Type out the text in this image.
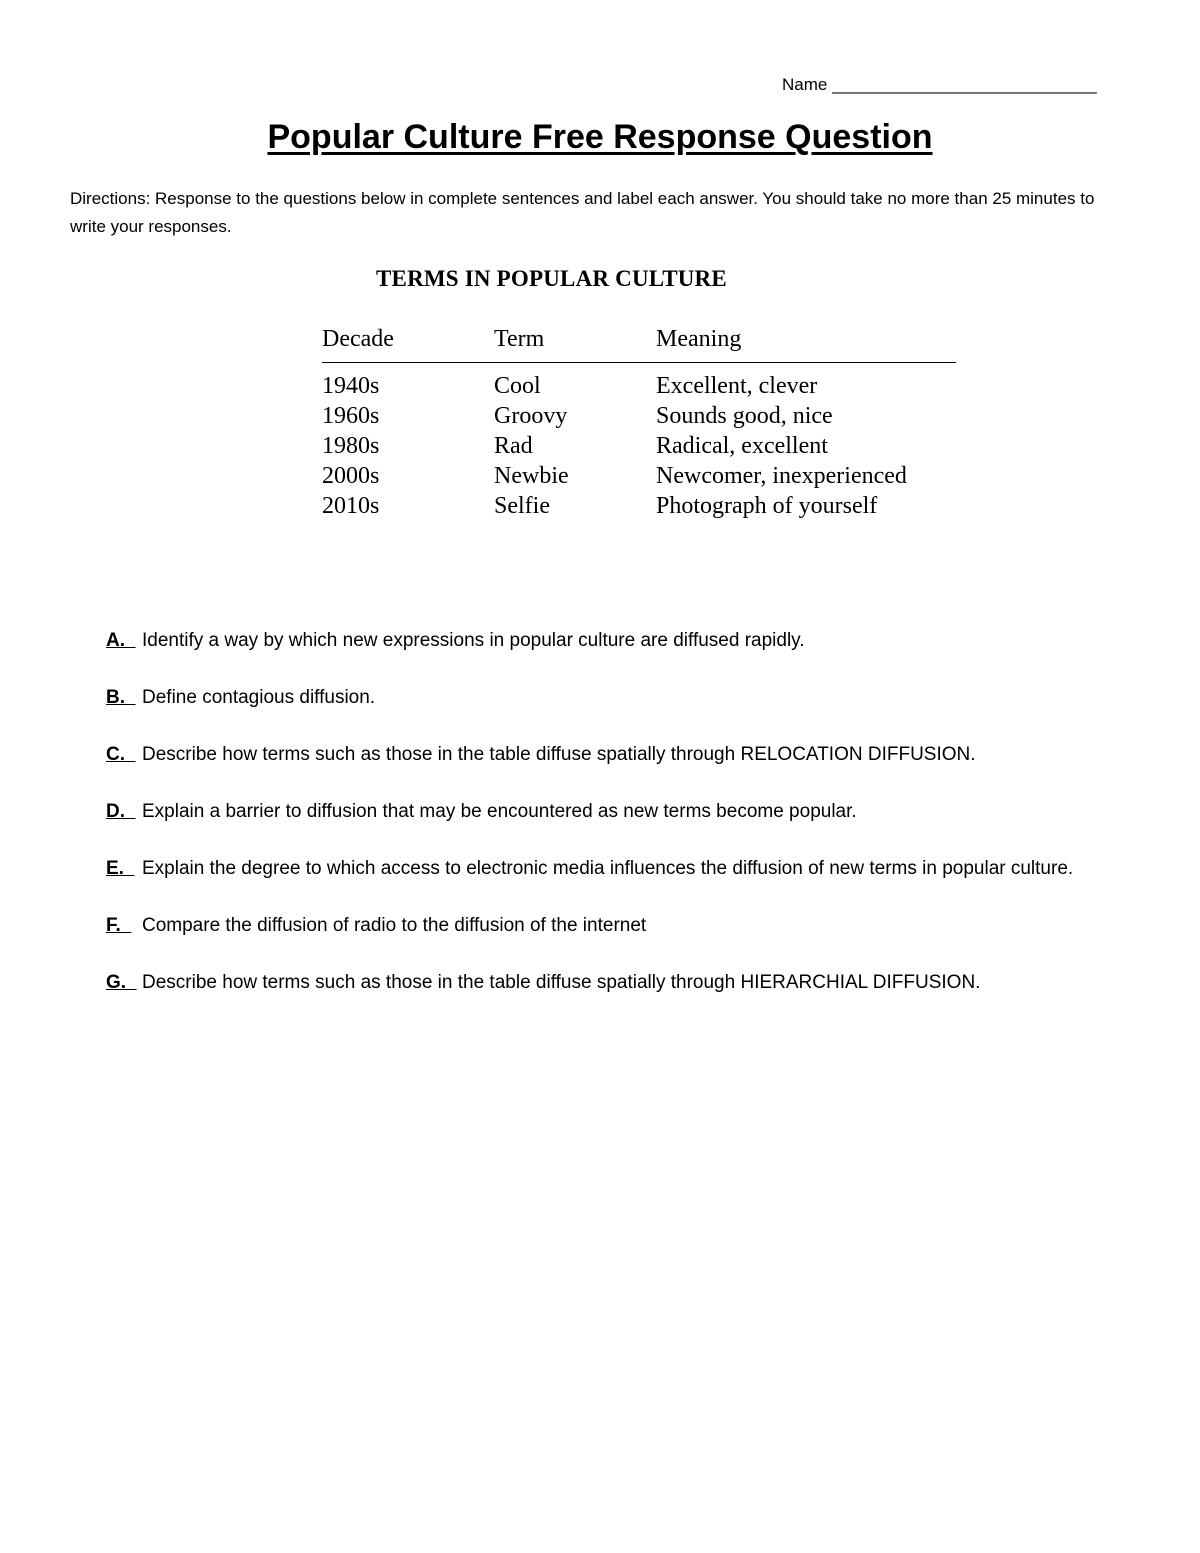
Name ____________________________
Popular Culture Free Response Question
Directions: Response to the questions below in complete sentences and label each answer. You should take no more than 25 minutes to write your responses.
TERMS IN POPULAR CULTURE
Decade	Term	Meaning
1940s	Cool	Excellent, clever
1960s	Groovy	Sounds good, nice
1980s	Rad	Radical, excellent
2000s	Newbie	Newcomer, inexperienced
2010s	Selfie	Photograph of yourself
A. Identify a way by which new expressions in popular culture are diffused rapidly.
B. Define contagious diffusion.
C. Describe how terms such as those in the table diffuse spatially through RELOCATION DIFFUSION.
D. Explain a barrier to diffusion that may be encountered as new terms become popular.
E. Explain the degree to which access to electronic media influences the diffusion of new terms in popular culture.
F. Compare the diffusion of radio to the diffusion of the internet
G. Describe how terms such as those in the table diffuse spatially through HIERARCHIAL DIFFUSION.
